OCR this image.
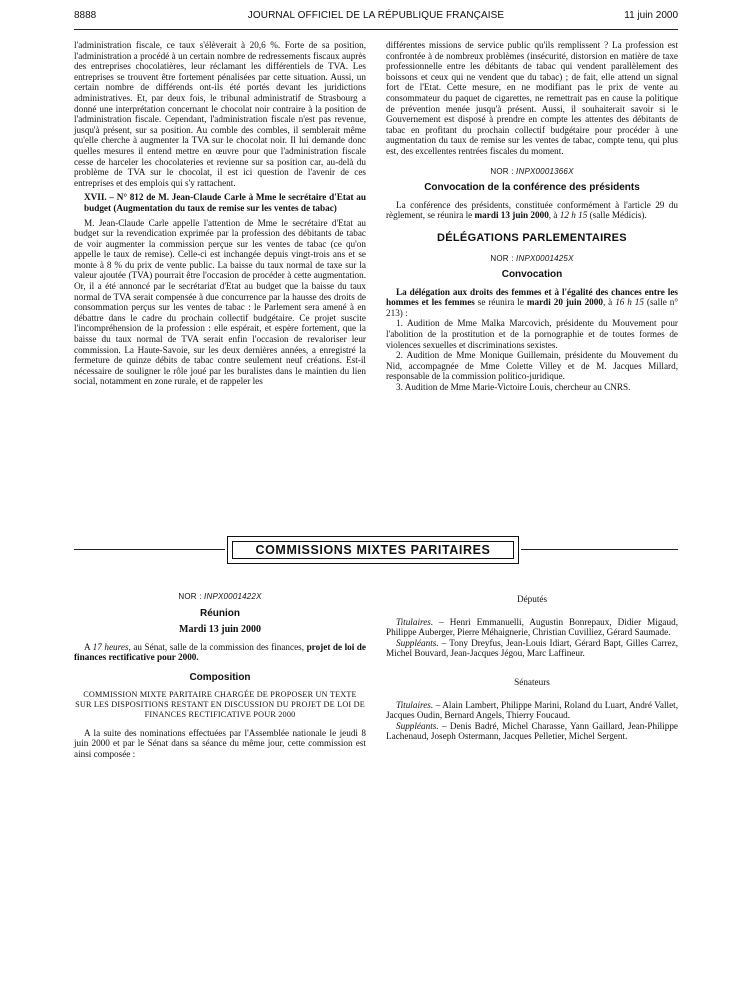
8888	JOURNAL OFFICIEL DE LA RÉPUBLIQUE FRANÇAISE	11 juin 2000

l'administration fiscale, ce taux s'élèverait à 20,6 %. Forte de sa position, l'administration a procédé à un certain nombre de redressements fiscaux auprès des entreprises chocolatières, leur réclamant les différentiels de TVA. Les entreprises se trouvent être fortement pénalisées par cette situation. Aussi, un certain nombre de différends ont-ils été portés devant les juridictions administratives. Et, par deux fois, le tribunal administratif de Strasbourg a donné une interprétation concernant le chocolat noir contraire à la position de l'administration fiscale. Cependant, l'administration fiscale n'est pas revenue, jusqu'à présent, sur sa position. Au comble des combles, il semblerait même qu'elle cherche à augmenter la TVA sur le chocolat noir. Il lui demande donc quelles mesures il entend mettre en œuvre pour que l'administration fiscale cesse de harceler les chocolateries et revienne sur sa position car, au-delà du problème de TVA sur le chocolat, il est ici question de l'avenir de ces entreprises et des emplois qui s'y rattachent.

XVII. – N° 812 de M. Jean-Claude Carle à Mme le secrétaire d'Etat au budget (Augmentation du taux de remise sur les ventes de tabac)

M. Jean-Claude Carle appelle l'attention de Mme le secrétaire d'Etat au budget sur la revendication exprimée par la profession des débitants de tabac de voir augmenter la commission perçue sur les ventes de tabac (ce qu'on appelle le taux de remise). Celle-ci est inchangée depuis vingt-trois ans et se monte à 8 % du prix de vente public. La baisse du taux normal de taxe sur la valeur ajoutée (TVA) pourrait être l'occasion de procéder à cette augmentation. Or, il a été annoncé par le secrétariat d'Etat au budget que la baisse du taux normal de TVA serait compensée à due concurrence par la hausse des droits de consommation perçus sur les ventes de tabac : le Parlement sera amené à en débattre dans le cadre du prochain collectif budgétaire. Ce projet suscite l'incompréhension de la profession : elle espérait, et espère fortement, que la baisse du taux normal de TVA serait enfin l'occasion de revaloriser leur commission. La Haute-Savoie, sur les deux dernières années, a enregistré la fermeture de quinze débits de tabac contre seulement neuf créations. Est-il nécessaire de souligner le rôle joué par les buralistes dans le maintien du lien social, notamment en zone rurale, et de rappeler les

différentes missions de service public qu'ils remplissent ? La profession est confrontée à de nombreux problèmes (insécurité, distorsion en matière de taxe professionnelle entre les débitants de tabac qui vendent parallèlement des boissons et ceux qui ne vendent que du tabac) ; de fait, elle attend un signal fort de l'Etat. Cette mesure, en ne modifiant pas le prix de vente au consommateur du paquet de cigarettes, ne remettrait pas en cause la politique de prévention menée jusqu'à présent. Aussi, il souhaiterait savoir si le Gouvernement est disposé à prendre en compte les attentes des débitants de tabac en profitant du prochain collectif budgétaire pour procéder à une augmentation du taux de remise sur les ventes de tabac, compte tenu, qui plus est, des excellentes rentrées fiscales du moment.

NOR : INPX0001366X
Convocation de la conférence des présidents

La conférence des présidents, constituée conformément à l'article 29 du règlement, se réunira le mardi 13 juin 2000, à 12 h 15 (salle Médicis).

DÉLÉGATIONS PARLEMENTAIRES
NOR : INPX0001425X
Convocation

La délégation aux droits des femmes et à l'égalité des chances entre les hommes et les femmes se réunira le mardi 20 juin 2000, à 16 h 15 (salle n° 213) :

1. Audition de Mme Malka Marcovich, présidente du Mouvement pour l'abolition de la prostitution et de la pornographie et de toutes formes de violences sexuelles et discriminations sexistes.

2. Audition de Mme Monique Guillemain, présidente du Mouvement du Nid, accompagnée de Mme Colette Villey et de M. Jacques Millard, responsable de la commission politico-juridique.

3. Audition de Mme Marie-Victoire Louis, chercheur au CNRS.

COMMISSIONS MIXTES PARITAIRES
NOR : INPX0001422X
Réunion
Mardi 13 juin 2000

A 17 heures, au Sénat, salle de la commission des finances, projet de loi de finances rectificative pour 2000.

Composition
COMMISSION MIXTE PARITAIRE CHARGÉE DE PROPOSER UN TEXTE SUR LES DISPOSITIONS RESTANT EN DISCUSSION DU PROJET DE LOI DE FINANCES RECTIFICATIVE POUR 2000

A la suite des nominations effectuées par l'Assemblée nationale le jeudi 8 juin 2000 et par le Sénat dans sa séance du même jour, cette commission est ainsi composée :

Députés

Titulaires. – Henri Emmanuelli, Augustin Bonrepaux, Didier Migaud, Philippe Auberger, Pierre Méhaignerie, Christian Cuvilliez, Gérard Saumade.

Suppléants. – Tony Dreyfus, Jean-Louis Idiart, Gérard Bapt, Gilles Carrez, Michel Bouvard, Jean-Jacques Jégou, Marc Laffineur.

Sénateurs

Titulaires. – Alain Lambert, Philippe Marini, Roland du Luart, André Vallet, Jacques Oudin, Bernard Angels, Thierry Foucaud.

Suppléants. – Denis Badré, Michel Charasse, Yann Gaillard, Jean-Philippe Lachenaud, Joseph Ostermann, Jacques Pelletier, Michel Sergent.
